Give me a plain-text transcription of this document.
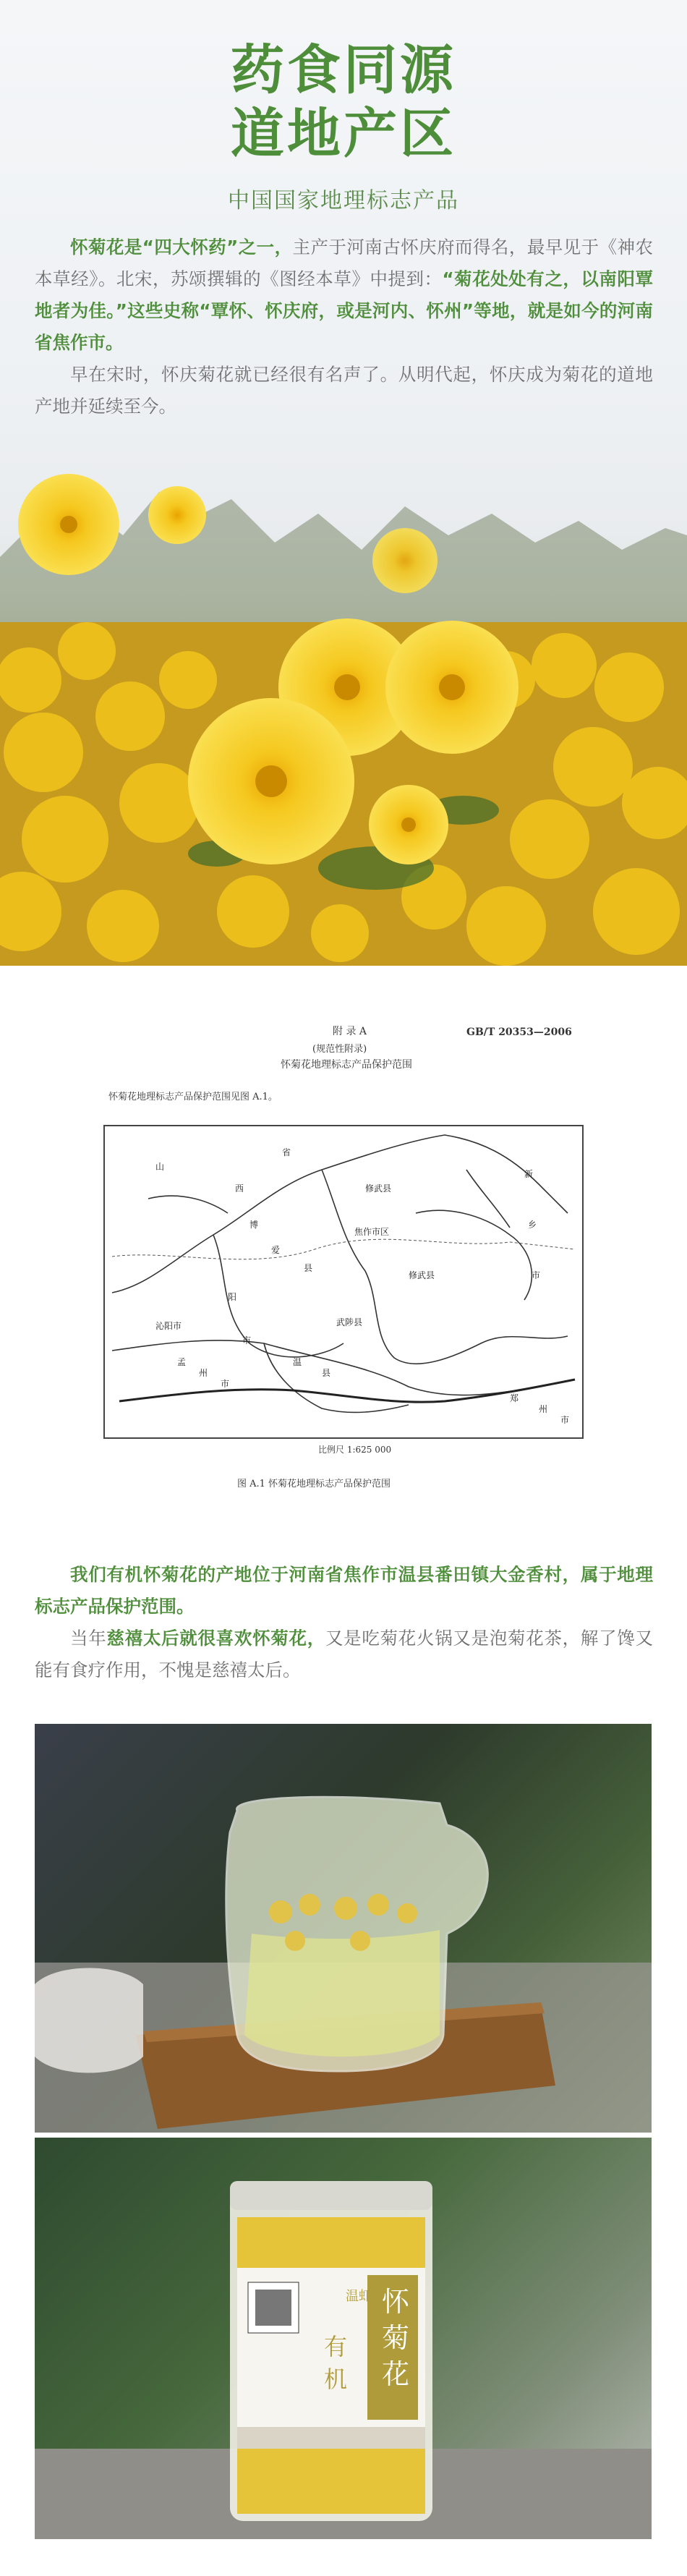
药食同源
道地产区
中国国家地理标志产品

怀菊花是“四大怀药”之一，主产于河南古怀庆府而得名，最早见于《神农本草经》。北宋，苏颂撰辑的《图经本草》中提到：“菊花处处有之，以南阳覃地者为佳。”这些史称“覃怀、怀庆府，或是河内、怀州”等地，就是如今的河南省焦作市。

早在宋时，怀庆菊花就已经很有名声了。从明代起，怀庆成为菊花的道地产地并延续至今。

附 录 A	GB/T 20353—2006
(规范性附录)
怀菊花地理标志产品保护范围
怀菊花地理标志产品保护范围见图 A.1。
山
西
省
修武县
焦作市区
修武县
博
爱
县
阳
市
武陟县
温
县
沁阳市
孟
州
市
新
乡
市
郑
州
市
比例尺 1:625 000
图 A.1 怀菊花地理标志产品保护范围

我们有机怀菊花的产地位于河南省焦作市温县番田镇大金香村，属于地理标志产品保护范围。

当年慈禧太后就很喜欢怀菊花，又是吃菊花火锅又是泡菊花茶，解了馋又能有食疗作用，不愧是慈禧太后。

怀
菊
花
有
机
温虾
